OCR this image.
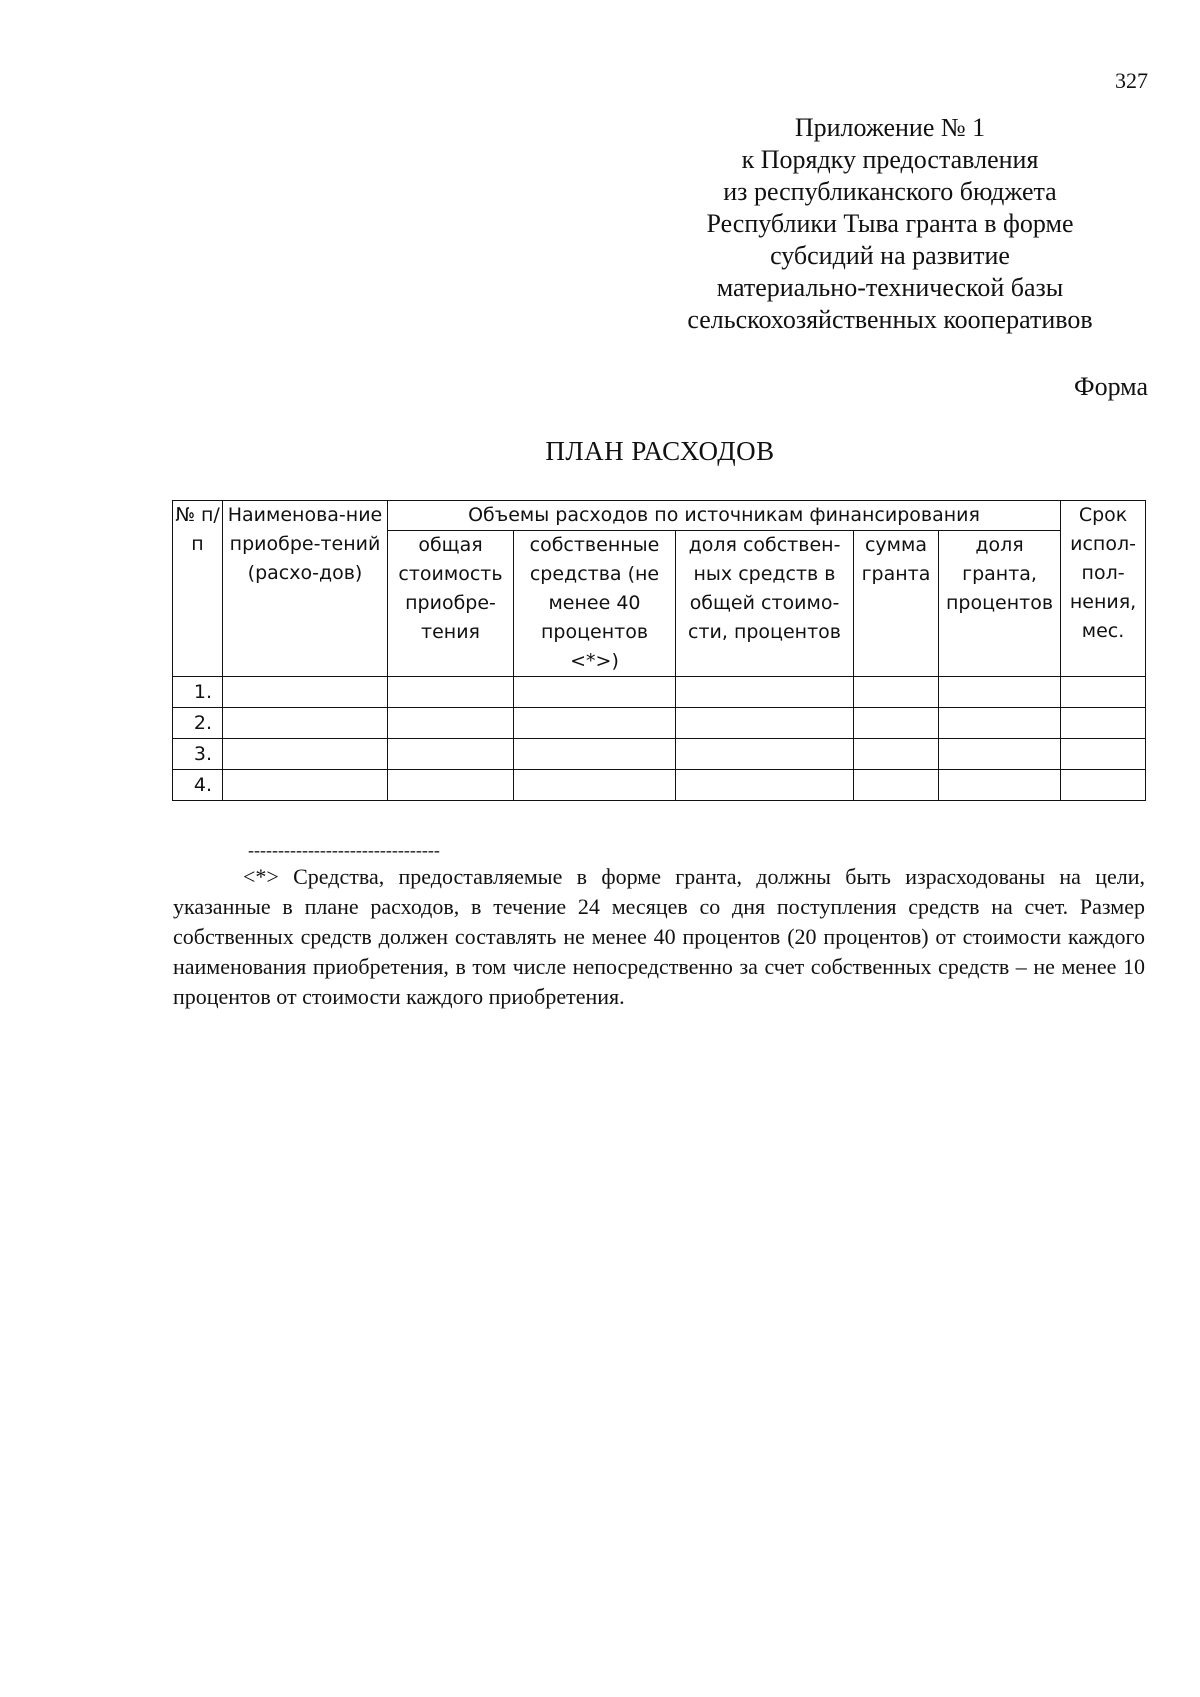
327
Приложение № 1
к Порядку предоставления
из республиканского бюджета
Республики Тыва гранта в форме
субсидий на развитие
материально-технической базы
сельскохозяйственных кооперативов
Форма
ПЛАН РАСХОДОВ
№ п/п	Наименова-ние приобре-тений (расхо-дов)	Объемы расходов по источникам финансирования					Срок испол-пол-нения, мес.
		общая стоимость приобре-тения	собственные средства (не менее 40 процентов <*>)	доля собствен-ных средств в общей стоимо-сти, процентов	сумма гранта	доля гранта, процентов	
1.							
2.							
3.							
4.							
--------------------------------

<*> Средства, предоставляемые в форме гранта, должны быть израсходованы на цели, указанные в плане расходов, в течение 24 месяцев со дня поступления средств на счет. Размер собственных средств должен составлять не менее 40 процентов (20 процентов) от стоимости каждого наименования приобретения, в том числе непосредственно за счет собственных средств – не менее 10 процентов от стоимости каждого приобретения.
